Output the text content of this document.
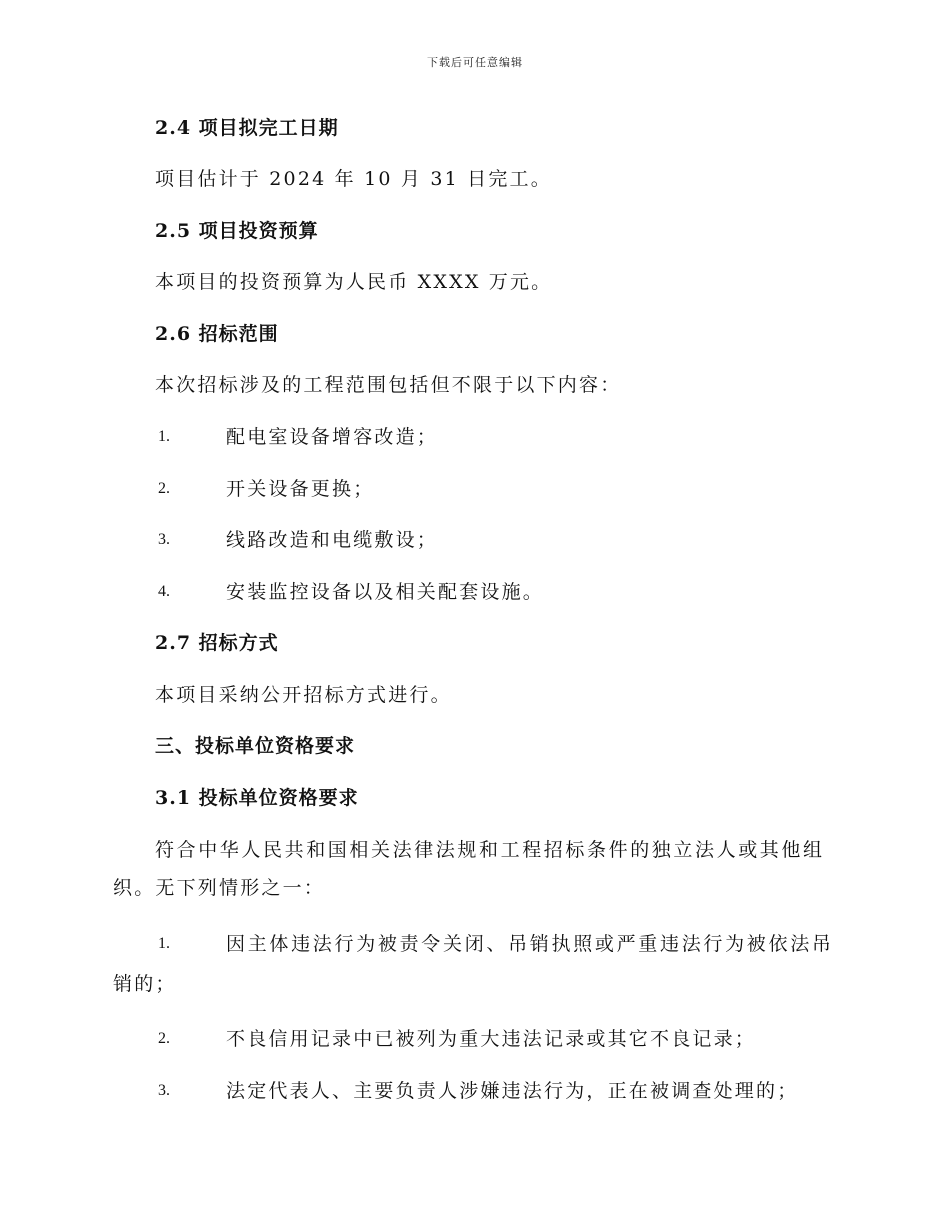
下载后可任意编辑
2.4 项目拟完工日期
项目估计于 2024 年 10 月 31 日完工。
2.5 项目投资预算
本项目的投资预算为人民币 XXXX 万元。
2.6 招标范围
本次招标涉及的工程范围包括但不限于以下内容：
1.	配电室设备增容改造；
2.	开关设备更换；
3.	线路改造和电缆敷设；
4.	安装监控设备以及相关配套设施。
2.7 招标方式
本项目采纳公开招标方式进行。
三、投标单位资格要求
3.1 投标单位资格要求
符合中华人民共和国相关法律法规和工程招标条件的独立法人或其他组
织。无下列情形之一：
1.	因主体违法行为被责令关闭、吊销执照或严重违法行为被依法吊
销的；
2.	不良信用记录中已被列为重大违法记录或其它不良记录；
3.	法定代表人、主要负责人涉嫌违法行为，正在被调查处理的；
